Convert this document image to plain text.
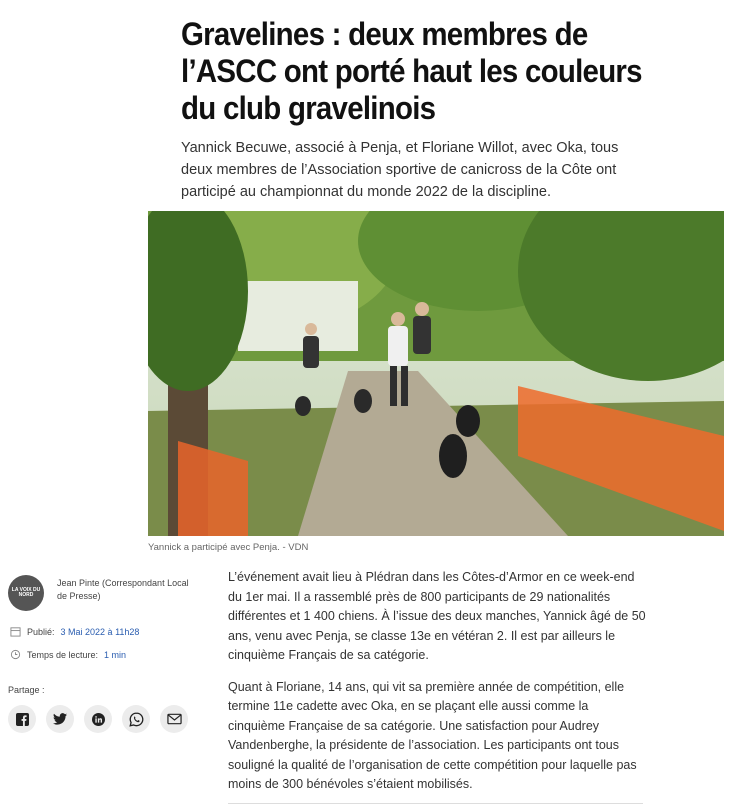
Gravelines : deux membres de l’ASCC ont porté haut les couleurs du club gravelinois

Yannick Becuwe, associé à Penja, et Floriane Willot, avec Oka, tous deux membres de l’Association sportive de canicross de la Côte ont participé au championnat du monde 2022 de la discipline.

Yannick a participé avec Penja. - VDN

LA VOIX DU NORD
Jean Pinte (Correspondant Local de Presse)
Publié: 3 Mai 2022 à 11h28
Temps de lecture: 1 min
Partage :

L’événement avait lieu à Plédran dans les Côtes-d’Armor en ce week-end du 1er mai. Il a rassemblé près de 800 participants de 29 nationalités différentes et 1 400 chiens. À l’issue des deux manches, Yannick âgé de 50 ans, venu avec Penja, se classe 13e en vétéran 2. Il est par ailleurs le cinquième Français de sa catégorie.

Quant à Floriane, 14 ans, qui vit sa première année de compétition, elle termine 11e cadette avec Oka, en se plaçant elle aussi comme la cinquième Française de sa catégorie. Une satisfaction pour Audrey Vandenberghe, la présidente de l’association. Les participants ont tous souligné la qualité de l’organisation de cette compétition pour laquelle pas moins de 300 bénévoles s’étaient mobilisés.
